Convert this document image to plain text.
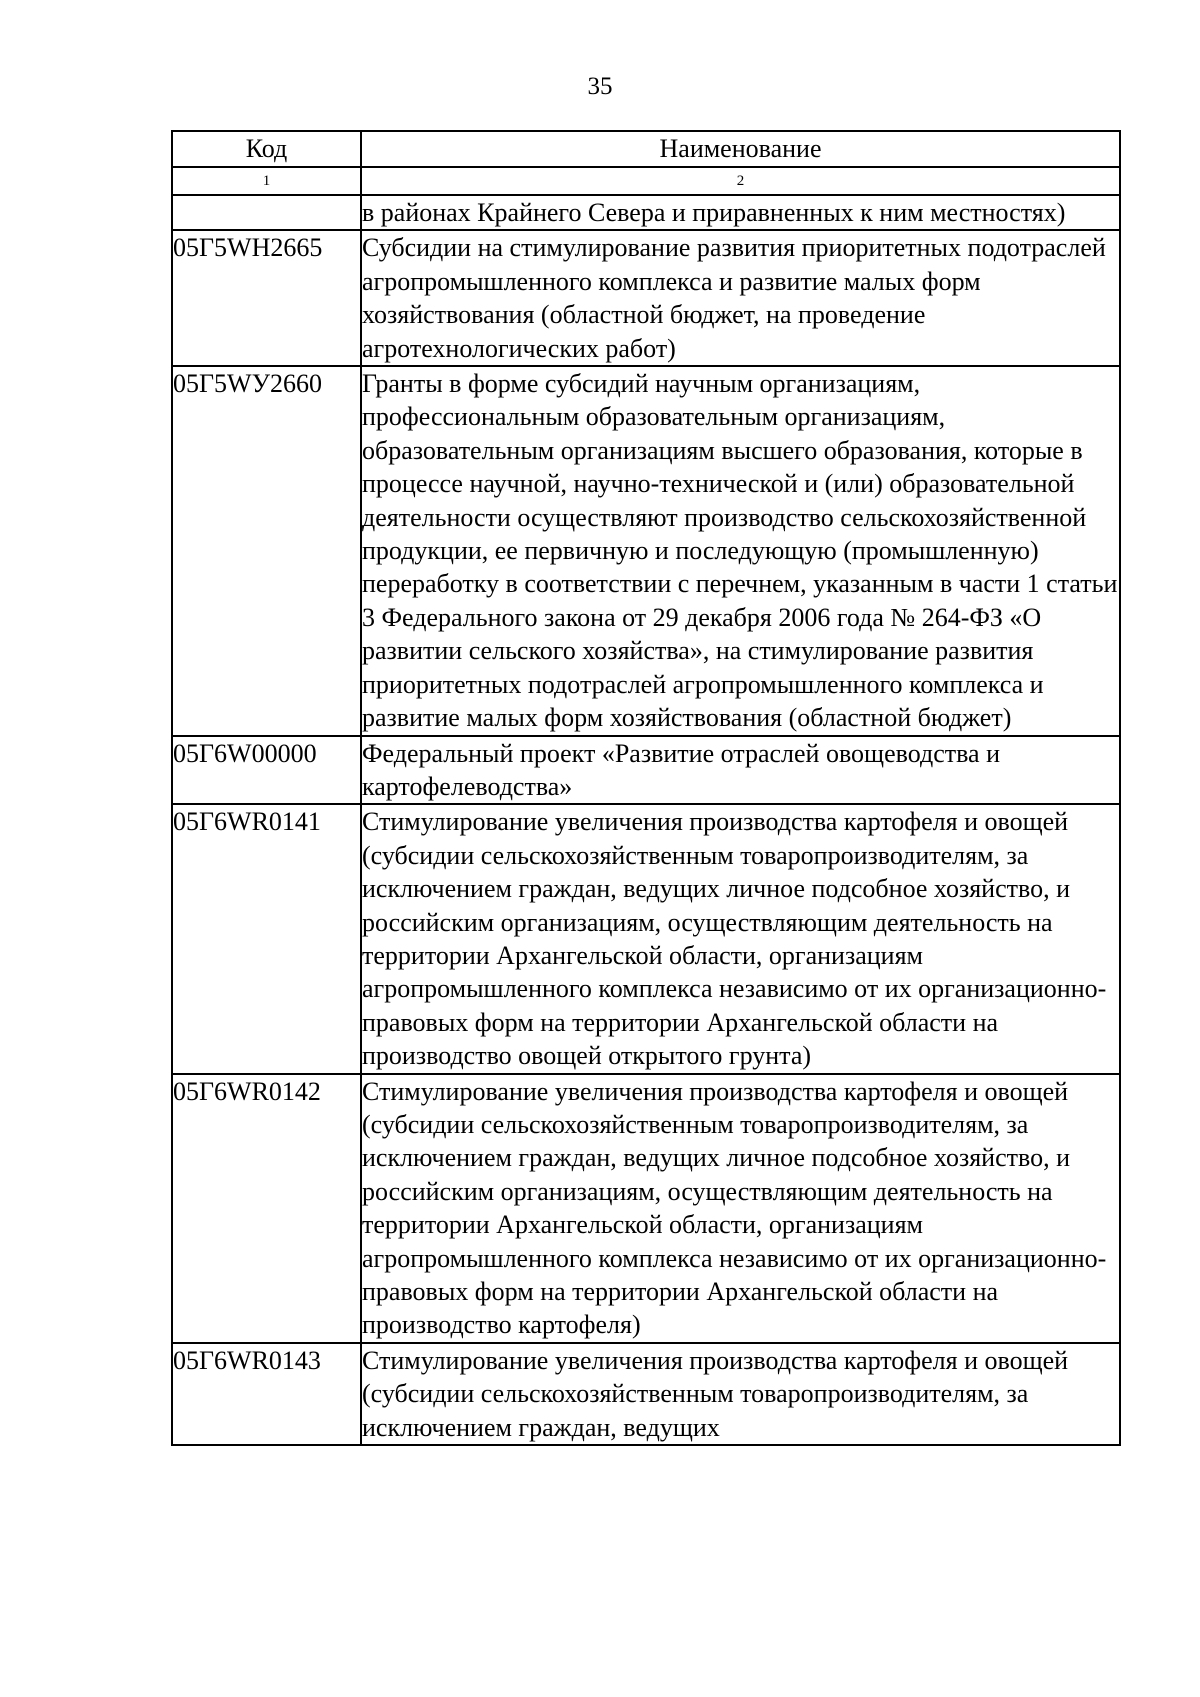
35
Код	Наименование
1	2
	в районах Крайнего Севера и приравненных к ним местностях)
05Г5WН2665	Субсидии на стимулирование развития приоритетных подотраслей агропромышленного комплекса и развитие малых форм хозяйствования (областной бюджет, на проведение агротехнологических работ)
05Г5WУ2660	Гранты в форме субсидий научным организациям, профессиональным образовательным организациям, образовательным организациям высшего образования, которые в процессе научной, научно-технической и (или) образовательной деятельности осуществляют производство сельскохозяйственной продукции, ее первичную и последующую (промышленную) переработку в соответствии с перечнем, указанным в части 1 статьи 3 Федерального закона от 29 декабря 2006 года № 264-ФЗ «О развитии сельского хозяйства», на стимулирование развития приоритетных подотраслей агропромышленного комплекса и развитие малых форм хозяйствования (областной бюджет)
05Г6W00000	Федеральный проект «Развитие отраслей овощеводства и картофелеводства»
05Г6WR0141	Стимулирование увеличения производства картофеля и овощей (субсидии сельскохозяйственным товаропроизводителям, за исключением граждан, ведущих личное подсобное хозяйство, и российским организациям, осуществляющим деятельность на территории Архангельской области, организациям агропромышленного комплекса независимо от их организационно-правовых форм на территории Архангельской области на производство овощей открытого грунта)
05Г6WR0142	Стимулирование увеличения производства картофеля и овощей (субсидии сельскохозяйственным товаропроизводителям, за исключением граждан, ведущих личное подсобное хозяйство, и российским организациям, осуществляющим деятельность на территории Архангельской области, организациям агропромышленного комплекса независимо от их организационно-правовых форм на территории Архангельской области на производство картофеля)
05Г6WR0143	Стимулирование увеличения производства картофеля и овощей (субсидии сельскохозяйственным товаропроизводителям, за исключением граждан, ведущих
